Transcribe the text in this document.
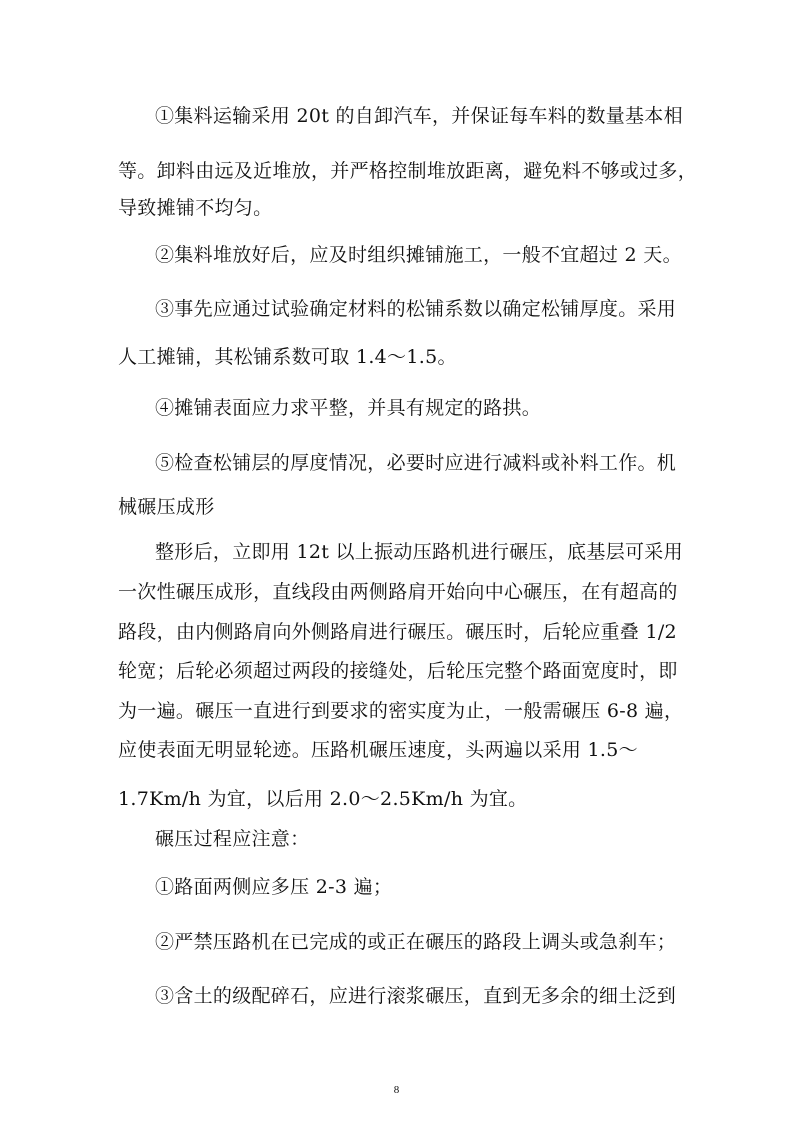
①集料运输采用 20t 的自卸汽车，并保证每车料的数量基本相
等。卸料由远及近堆放，并严格控制堆放距离，避免料不够或过多，
导致摊铺不均匀。
②集料堆放好后，应及时组织摊铺施工，一般不宜超过 2 天。
③事先应通过试验确定材料的松铺系数以确定松铺厚度。采用
人工摊铺，其松铺系数可取 1.4～1.5。
④摊铺表面应力求平整，并具有规定的路拱。
⑤检查松铺层的厚度情况，必要时应进行减料或补料工作。机
械碾压成形
整形后，立即用 12t 以上振动压路机进行碾压，底基层可采用
一次性碾压成形，直线段由两侧路肩开始向中心碾压，在有超高的
路段，由内侧路肩向外侧路肩进行碾压。碾压时，后轮应重叠 1/2
轮宽；后轮必须超过两段的接缝处，后轮压完整个路面宽度时，即
为一遍。碾压一直进行到要求的密实度为止，一般需碾压 6-8 遍，
应使表面无明显轮迹。压路机碾压速度，头两遍以采用 1.5～
1.7Km/h 为宜，以后用 2.0～2.5Km/h 为宜。
碾压过程应注意：
①路面两侧应多压 2-3 遍；
②严禁压路机在已完成的或正在碾压的路段上调头或急刹车；
③含土的级配碎石，应进行滚浆碾压，直到无多余的细土泛到
8
